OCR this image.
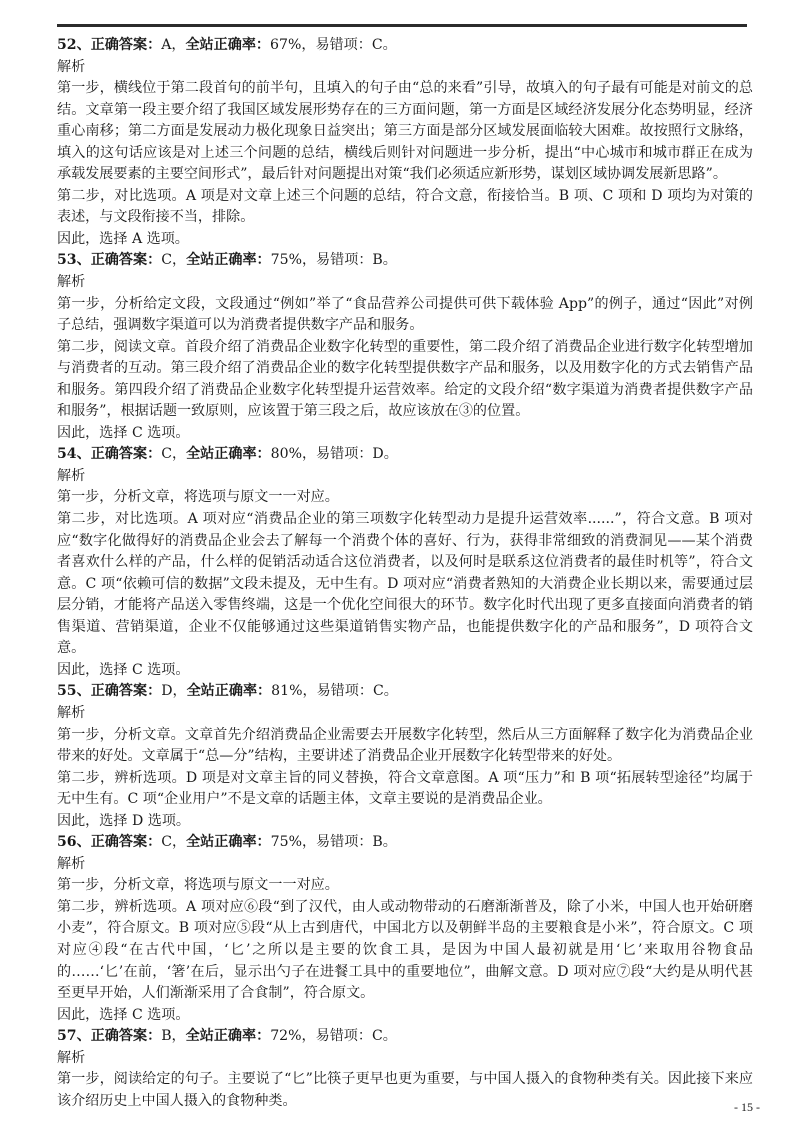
52、正确答案：A，全站正确率：67%，易错项：C。

解析

第一步，横线位于第二段首句的前半句，且填入的句子由“总的来看”引导，故填入的句子最有可能是对前文的总结。文章第一段主要介绍了我国区域发展形势存在的三方面问题，第一方面是区域经济发展分化态势明显，经济重心南移；第二方面是发展动力极化现象日益突出；第三方面是部分区域发展面临较大困难。故按照行文脉络，填入的这句话应该是对上述三个问题的总结，横线后则针对问题进一步分析，提出“中心城市和城市群正在成为承载发展要素的主要空间形式”，最后针对问题提出对策“我们必须适应新形势，谋划区域协调发展新思路”。

第二步，对比选项。A 项是对文章上述三个问题的总结，符合文意，衔接恰当。B 项、C 项和 D 项均为对策的表述，与文段衔接不当，排除。

因此，选择 A 选项。

53、正确答案：C，全站正确率：75%，易错项：B。

解析

第一步，分析给定文段，文段通过“例如”举了“食品营养公司提供可供下载体验 App”的例子，通过“因此”对例子总结，强调数字渠道可以为消费者提供数字产品和服务。

第二步，阅读文章。首段介绍了消费品企业数字化转型的重要性，第二段介绍了消费品企业进行数字化转型增加与消费者的互动。第三段介绍了消费品企业的数字化转型提供数字产品和服务，以及用数字化的方式去销售产品和服务。第四段介绍了消费品企业数字化转型提升运营效率。给定的文段介绍“数字渠道为消费者提供数字产品和服务”，根据话题一致原则，应该置于第三段之后，故应该放在③的位置。

因此，选择 C 选项。

54、正确答案：C，全站正确率：80%，易错项：D。

解析

第一步，分析文章，将选项与原文一一对应。

第二步，对比选项。A 项对应“消费品企业的第三项数字化转型动力是提升运营效率......”，符合文意。B 项对应“数字化做得好的消费品企业会去了解每一个消费个体的喜好、行为，获得非常细致的消费洞见——某个消费者喜欢什么样的产品，什么样的促销活动适合这位消费者，以及何时是联系这位消费者的最佳时机等”，符合文意。C 项“依赖可信的数据”文段未提及，无中生有。D 项对应“消费者熟知的大消费企业长期以来，需要通过层层分销，才能将产品送入零售终端，这是一个优化空间很大的环节。数字化时代出现了更多直接面向消费者的销售渠道、营销渠道，企业不仅能够通过这些渠道销售实物产品，也能提供数字化的产品和服务”，D 项符合文意。

因此，选择 C 选项。

55、正确答案：D，全站正确率：81%，易错项：C。

解析

第一步，分析文章。文章首先介绍消费品企业需要去开展数字化转型，然后从三方面解释了数字化为消费品企业带来的好处。文章属于“总—分”结构，主要讲述了消费品企业开展数字化转型带来的好处。

第二步，辨析选项。D 项是对文章主旨的同义替换，符合文章意图。A 项“压力”和 B 项“拓展转型途径”均属于无中生有。C 项“企业用户”不是文章的话题主体，文章主要说的是消费品企业。

因此，选择 D 选项。

56、正确答案：C，全站正确率：75%，易错项：B。

解析

第一步，分析文章，将选项与原文一一对应。

第二步，辨析选项。A 项对应⑥段“到了汉代，由人或动物带动的石磨渐渐普及，除了小米，中国人也开始研磨小麦”，符合原文。B 项对应⑤段“从上古到唐代，中国北方以及朝鲜半岛的主要粮食是小米”，符合原文。C 项对应④段“在古代中国，‘匕’之所以是主要的饮食工具，是因为中国人最初就是用‘匕’来取用谷物食品的……‘匕’在前，‘箸’在后，显示出勺子在进餐工具中的重要地位”，曲解文意。D 项对应⑦段“大约是从明代甚至更早开始，人们渐渐采用了合食制”，符合原文。

因此，选择 C 选项。

57、正确答案：B，全站正确率：72%，易错项：C。

解析

第一步，阅读给定的句子。主要说了“匕”比筷子更早也更为重要，与中国人摄入的食物种类有关。因此接下来应该介绍历史上中国人摄入的食物种类。	- 15 -
